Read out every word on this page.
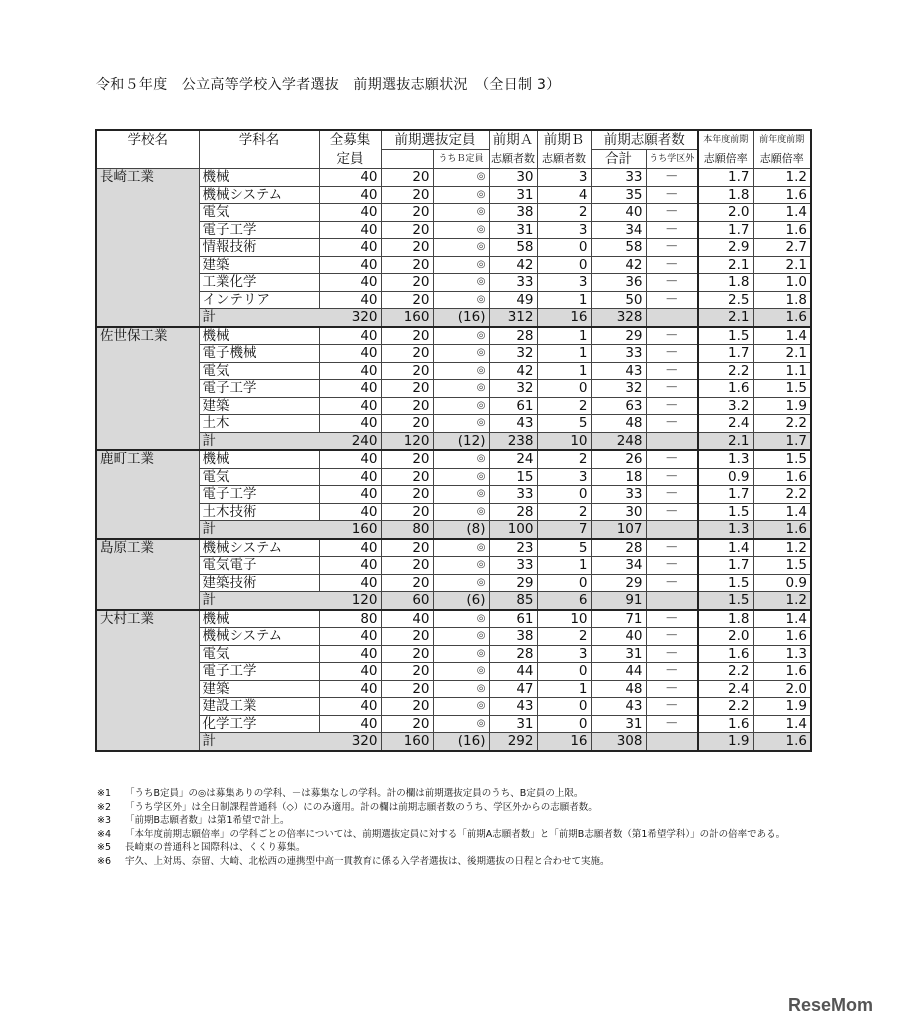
令和５年度　公立高等学校入学者選抜　前期選抜志願状況　（全日制 3）
学校名	学科名	全募集	前期選抜定員		前期Ａ	前期Ｂ	前期志願者数		本年度前期	前年度前期
		定員		うちＢ定員	志願者数	志願者数	合計	うち学区外	志願倍率	志願倍率
長崎工業	機械	40	20	◎	30	3	33	－	1.7	1.2
	機械システム	40	20	◎	31	4	35	－	1.8	1.6
	電気	40	20	◎	38	2	40	－	2.0	1.4
	電子工学	40	20	◎	31	3	34	－	1.7	1.6
	情報技術	40	20	◎	58	0	58	－	2.9	2.7
	建築	40	20	◎	42	0	42	－	2.1	2.1
	工業化学	40	20	◎	33	3	36	－	1.8	1.0
	インテリア	40	20	◎	49	1	50	－	2.5	1.8
	計	320	160	(16)	312	16	328		2.1	1.6
佐世保工業	機械	40	20	◎	28	1	29	－	1.5	1.4
	電子機械	40	20	◎	32	1	33	－	1.7	2.1
	電気	40	20	◎	42	1	43	－	2.2	1.1
	電子工学	40	20	◎	32	0	32	－	1.6	1.5
	建築	40	20	◎	61	2	63	－	3.2	1.9
	土木	40	20	◎	43	5	48	－	2.4	2.2
	計	240	120	(12)	238	10	248		2.1	1.7
鹿町工業	機械	40	20	◎	24	2	26	－	1.3	1.5
	電気	40	20	◎	15	3	18	－	0.9	1.6
	電子工学	40	20	◎	33	0	33	－	1.7	2.2
	土木技術	40	20	◎	28	2	30	－	1.5	1.4
	計	160	80	(8)	100	7	107		1.3	1.6
島原工業	機械システム	40	20	◎	23	5	28	－	1.4	1.2
	電気電子	40	20	◎	33	1	34	－	1.7	1.5
	建築技術	40	20	◎	29	0	29	－	1.5	0.9
	計	120	60	(6)	85	6	91		1.5	1.2
大村工業	機械	80	40	◎	61	10	71	－	1.8	1.4
	機械システム	40	20	◎	38	2	40	－	2.0	1.6
	電気	40	20	◎	28	3	31	－	1.6	1.3
	電子工学	40	20	◎	44	0	44	－	2.2	1.6
	建築	40	20	◎	47	1	48	－	2.4	2.0
	建設工業	40	20	◎	43	0	43	－	2.2	1.9
	化学工学	40	20	◎	31	0	31	－	1.6	1.4
	計	320	160	(16)	292	16	308		1.9	1.6
※1	「うちB定員」の◎は募集ありの学科、－は募集なしの学科。計の欄は前期選抜定員のうち、B定員の上限。
※2	「うち学区外」は全日制課程普通科（◇）にのみ適用。計の欄は前期志願者数のうち、学区外からの志願者数。
※3	「前期B志願者数」は第1希望で計上。
※4	「本年度前期志願倍率」の学科ごとの倍率については、前期選抜定員に対する「前期A志願者数」と「前期B志願者数（第1希望学科）」の計の倍率である。
※5	長崎東の普通科と国際科は、くくり募集。
※6	宇久、上対馬、奈留、大崎、北松西の連携型中高一貫教育に係る入学者選抜は、後期選抜の日程と合わせて実施。
ReseMom
